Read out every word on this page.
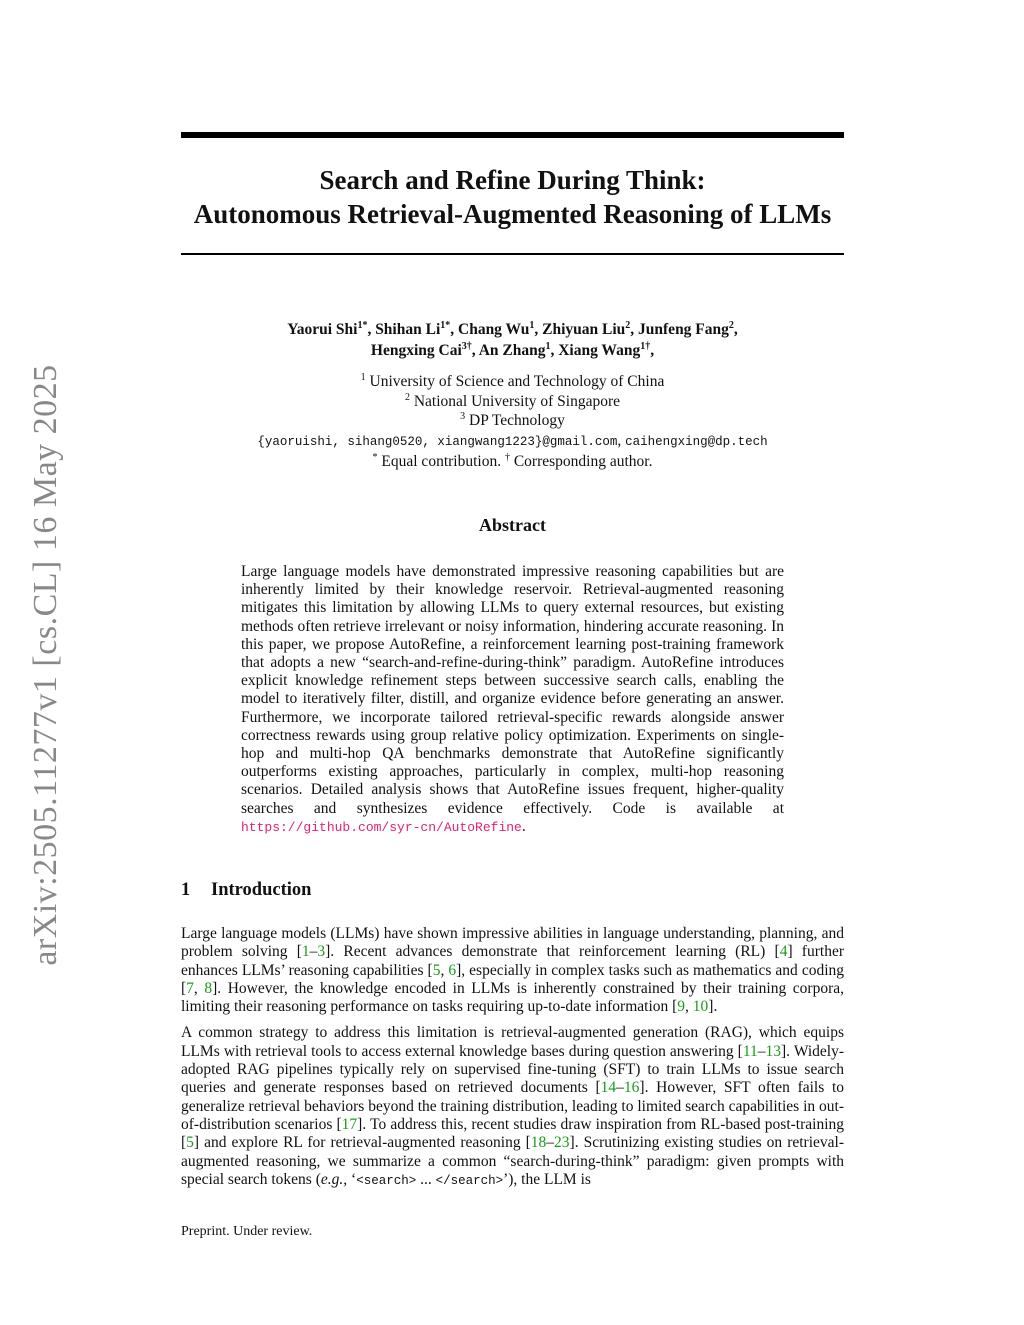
arXiv:2505.11277v1 [cs.CL] 16 May 2025
Search and Refine During Think:
Autonomous Retrieval-Augmented Reasoning of LLMs
Yaorui Shi$^{1*}$, Shihan $Li^{1*}$, Chang Wu$^1$, Zhiyuan Liu$^2$, Junfeng Fang$^2$,
Hengxing Cai$^{3\dagger}$, An Zhang$^1$, Xiang Wang$^{1\dagger}$,
$^1$ University of Science and Technology of China
$^2$ National University of Singapore
$^3$ DP Technology
{yaoruishi, sihang0520, xiangwang1223}@gmail.com, caihengxing@dp.tech
* Equal contribution. † Corresponding author.
Abstract
Large language models have demonstrated impressive reasoning capabilities but are inherently limited by their knowledge reservoir. Retrieval-augmented reasoning mitigates this limitation by allowing LLMs to query external resources, but existing methods often retrieve irrelevant or noisy information, hindering accurate reasoning. In this paper, we propose AutoRefine, a reinforcement learning post-training framework that adopts a new “search-and-refine-during-think” paradigm. AutoRefine introduces explicit knowledge refinement steps between successive search calls, enabling the model to iteratively filter, distill, and organize evidence before generating an answer. Furthermore, we incorporate tailored retrieval-specific rewards alongside answer correctness rewards using group relative policy optimization. Experiments on single-hop and multi-hop QA benchmarks demonstrate that AutoRefine significantly outperforms existing approaches, particularly in complex, multi-hop reasoning scenarios. Detailed analysis shows that AutoRefine issues frequent, higher-quality searches and synthesizes evidence effectively. Code is available at https://github.com/syr-cn/AutoRefine.
1 Introduction

Large language models (LLMs) have shown impressive abilities in language understanding, planning, and problem solving [1–3]. Recent advances demonstrate that reinforcement learning (RL) [4] further enhances LLMs’ reasoning capabilities [5, 6], especially in complex tasks such as mathematics and coding [7, 8]. However, the knowledge encoded in LLMs is inherently constrained by their training corpora, limiting their reasoning performance on tasks requiring up-to-date information [9, 10].

A common strategy to address this limitation is retrieval-augmented generation (RAG), which equips LLMs with retrieval tools to access external knowledge bases during question answering [11–13]. Widely-adopted RAG pipelines typically rely on supervised fine-tuning (SFT) to train LLMs to issue search queries and generate responses based on retrieved documents [14–16]. However, SFT often fails to generalize retrieval behaviors beyond the training distribution, leading to limited search capabilities in out-of-distribution scenarios [17]. To address this, recent studies draw inspiration from RL-based post-training [5] and explore RL for retrieval-augmented reasoning [18–23]. Scrutinizing existing studies on retrieval-augmented reasoning, we summarize a common “search-during-think” paradigm: given prompts with special search tokens (e.g., ‘<search> ... </search>’), the LLM is

Preprint. Under review.
